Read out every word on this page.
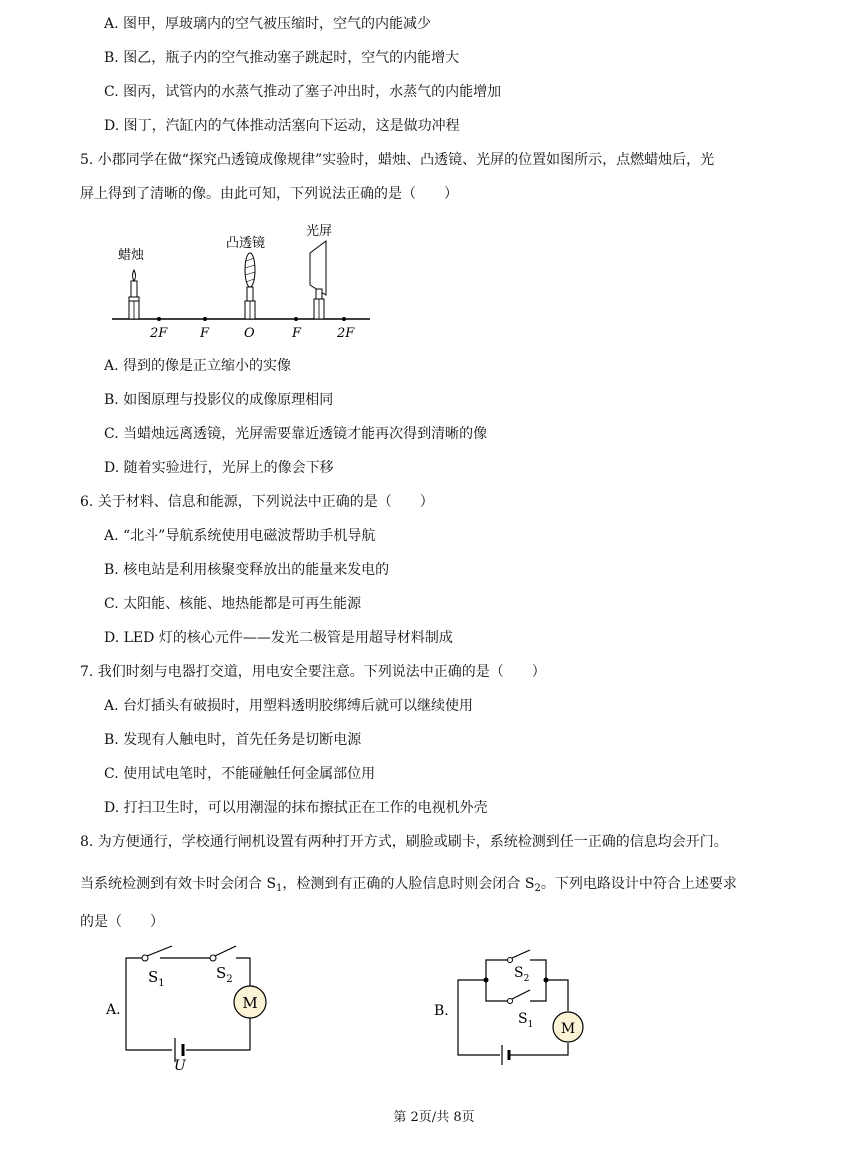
A. 图甲，厚玻璃内的空气被压缩时，空气的内能减少
B. 图乙，瓶子内的空气推动塞子跳起时，空气的内能增大
C. 图丙，试管内的水蒸气推动了塞子冲出时，水蒸气的内能增加
D. 图丁，汽缸内的气体推动活塞向下运动，这是做功冲程
5. 小郡同学在做“探究凸透镜成像规律”实验时，蜡烛、凸透镜、光屏的位置如图所示，点燃蜡烛后，光
屏上得到了清晰的像。由此可知，下列说法正确的是（　　）
2F	F	O	F	2F
蜡烛
凸透镜
光屏
A. 得到的像是正立缩小的实像
B. 如图原理与投影仪的成像原理相同
C. 当蜡烛远离透镜，光屏需要靠近透镜才能再次得到清晰的像
D. 随着实验进行，光屏上的像会下移
6. 关于材料、信息和能源，下列说法中正确的是（　　）
A. “北斗”导航系统使用电磁波帮助手机导航
B. 核电站是利用核聚变释放出的能量来发电的
C. 太阳能、核能、地热能都是可再生能源
D. LED 灯的核心元件——发光二极管是用超导材料制成
7. 我们时刻与电器打交道，用电安全要注意。下列说法中正确的是（　　）
A. 台灯插头有破损时，用塑料透明胶绑缚后就可以继续使用
B. 发现有人触电时，首先任务是切断电源
C. 使用试电笔时，不能碰触任何金属部位用
D. 打扫卫生时，可以用潮湿的抹布擦拭正在工作的电视机外壳
8. 为方便通行，学校通行闸机设置有两种打开方式，刷脸或刷卡，系统检测到任一正确的信息均会开门。
当系统检测到有效卡时会闭合 $S_1$，检测到有正确的人脸信息时则会闭合 $S_2$。下列电路设计中符合上述要求
的是（　　）
A.
$S_1$
$S_2$
M
U
B.
$S_2$
$S_1$ M
第 2页/共 8页
